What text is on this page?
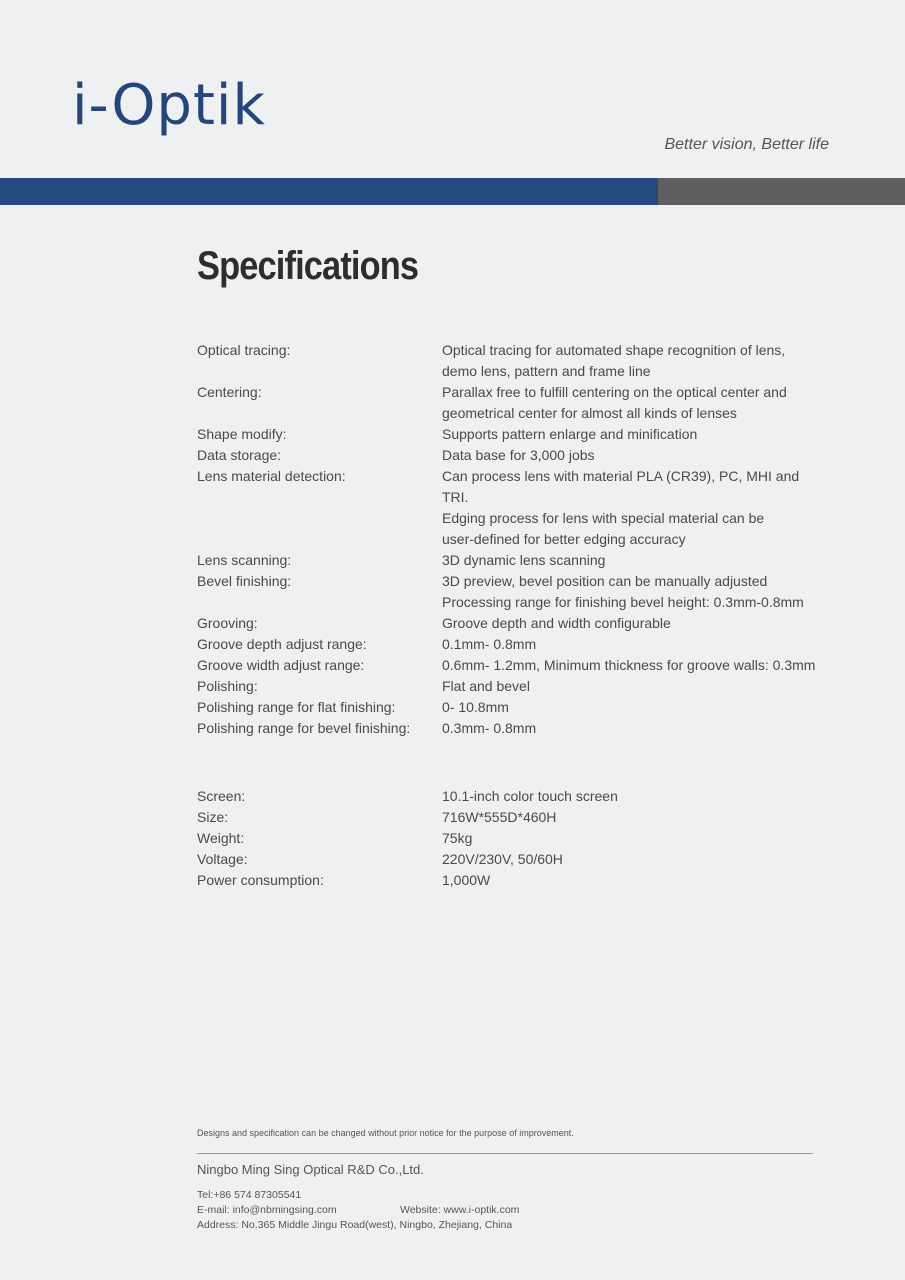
i-Optik
Better vision, Better life
Specifications
Optical tracing:	Optical tracing for automated shape recognition of lens,
demo lens, pattern and frame line
Centering:	Parallax free to fulfill centering on the optical center and
geometrical center for almost all kinds of lenses
Shape modify:	Supports pattern enlarge and minification
Data storage:	Data base for 3,000 jobs
Lens material detection:	Can process lens with material PLA (CR39), PC, MHI and TRI.
Edging process for lens with special material can be
user-defined for better edging accuracy
Lens scanning:	3D dynamic lens scanning
Bevel finishing:	3D preview, bevel position can be manually adjusted
Processing range for finishing bevel height: 0.3mm-0.8mm
Grooving:	Groove depth and width configurable
Groove depth adjust range:	0.1mm- 0.8mm
Groove width adjust range:	0.6mm- 1.2mm, Minimum thickness for groove walls: 0.3mm
Polishing:	Flat and bevel
Polishing range for flat finishing:	0- 10.8mm
Polishing range for bevel finishing:	0.3mm- 0.8mm
Screen:	10.1-inch color touch screen
Size:	716W*555D*460H
Weight:	75kg
Voltage:	220V/230V, 50/60H
Power consumption:	1,000W
Designs and specification can be changed without prior notice for the purpose of improvement.
Ningbo Ming Sing Optical R&D Co.,Ltd.
Tel:+86 574 87305541
E-mail: info@nbmingsing.com	Website: www.i-optik.com
Address: No.365 Middle Jingu Road(west), Ningbo, Zhejiang, China
